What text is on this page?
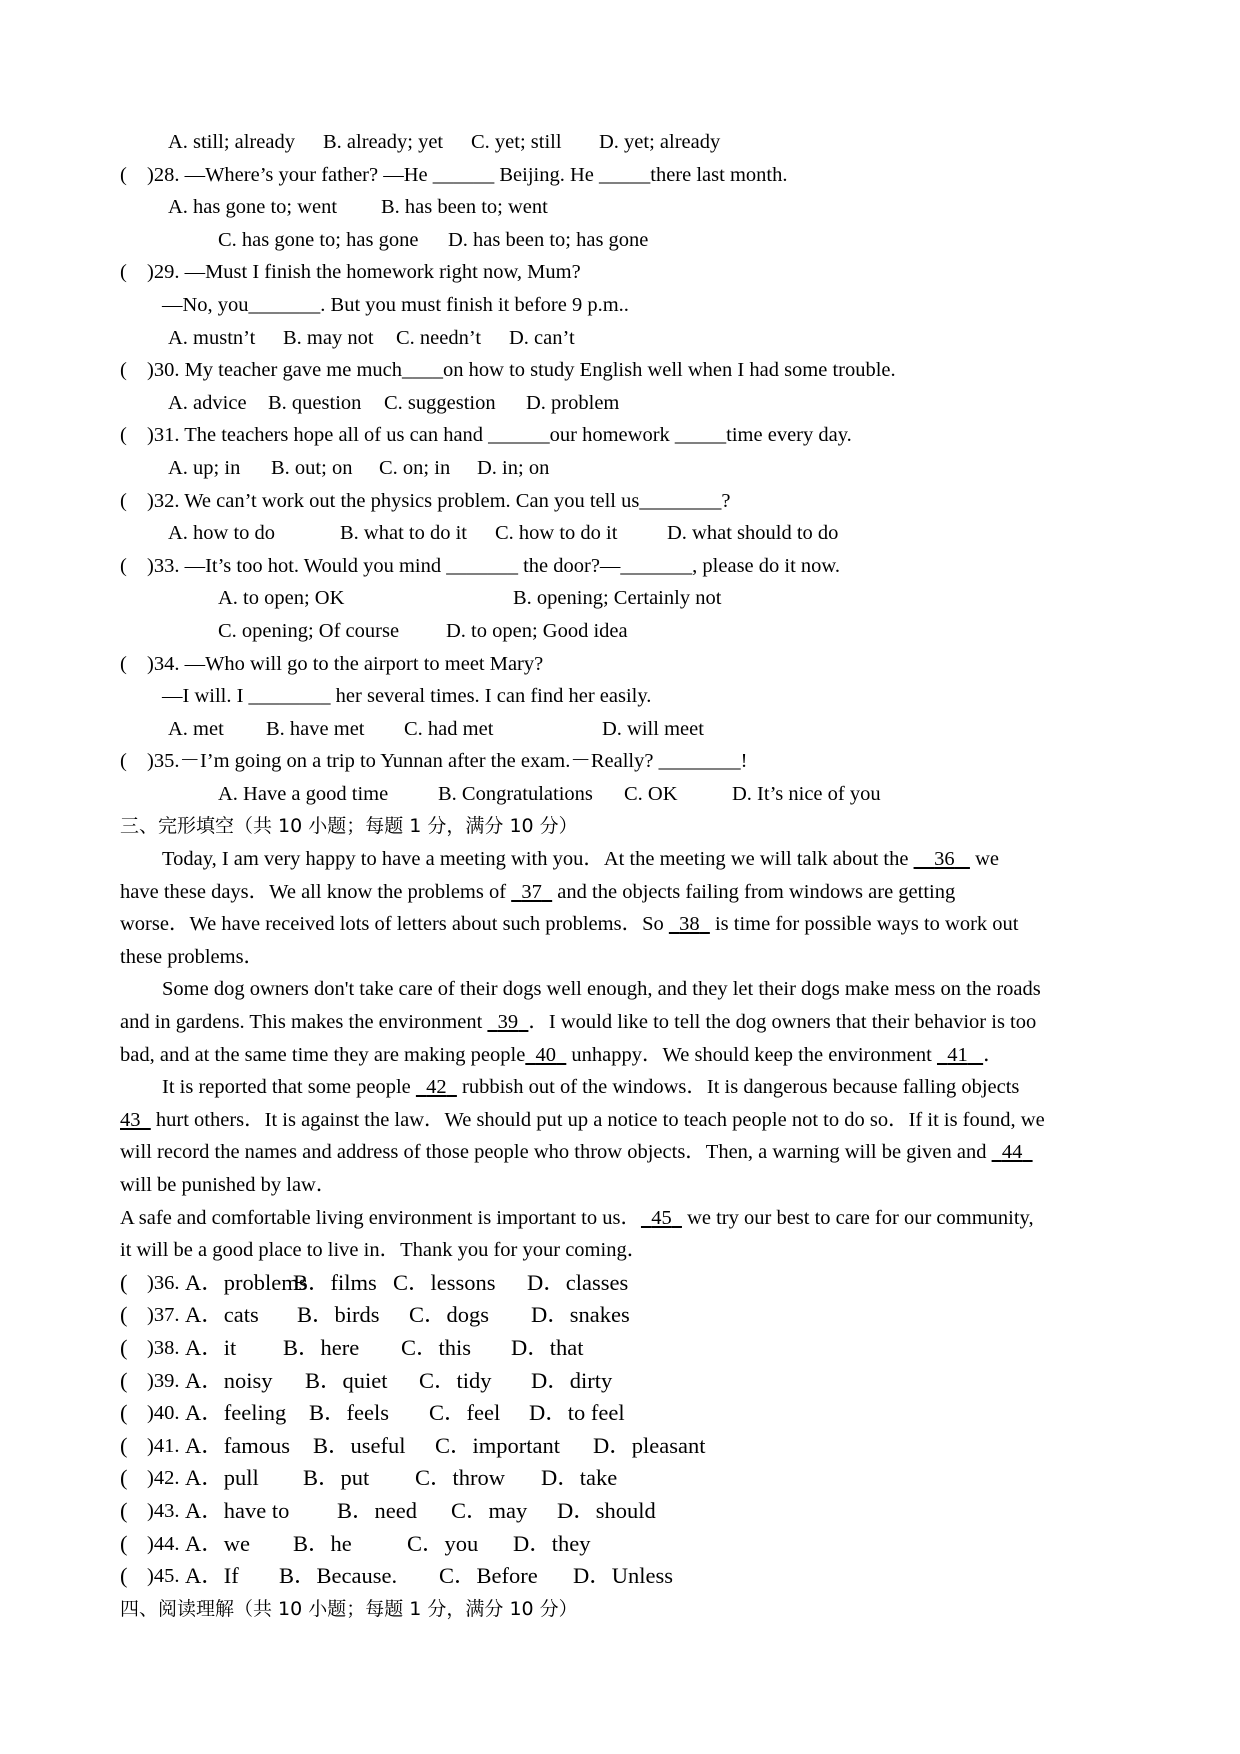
A. still; already B. already; yet C. yet; still D. yet; already
( )28. —Where’s your father? —He ______ Beijing. He _____there last month.
A. has gone to; went B. has been to; went
C. has gone to; has gone D. has been to; has gone
( )29. —Must I finish the homework right now, Mum?
—No, you_______. But you must finish it before 9 p.m..
A. mustn’t B. may not C. needn’t D. can’t
( )30. My teacher gave me much____on how to study English well when I had some trouble.
A. advice B. question C. suggestion D. problem
( )31. The teachers hope all of us can hand ______our homework _____time every day.
A. up; in B. out; on C. on; in D. in; on
( )32. We can’t work out the physics problem. Can you tell us________?
A. how to do	B. what to do it C. how to do it D. what should to do
( )33. —It’s too hot. Would you mind _______ the door?—_______, please do it now.
A. to open; OK	B. opening; Certainly not
C. opening; Of course D. to open; Good idea
( )34. —Who will go to the airport to meet Mary?
—I will. I ________ her several times. I can find her easily.
A. met B. have met C. had met	D. will meet
( )35.－I’m going on a trip to Yunnan after the exam.－Really? ________!
A. Have a good time B. Congratulations C. OK	D. It’s nice of you
三、完形填空（共 10 小题；每题 1 分，满分 10 分）
Today, I am very happy to have a meeting with you．At the meeting we will talk about the     36    we
have these days．We all know the problems of   37   and the objects failing from windows are getting
worse．We have received lots of letters about such problems．So   38   is time for possible ways to work out
these problems．
Some dog owners don't take care of their dogs well enough, and they let their dogs make mess on the roads
and in gardens. This makes the environment   39 ．I would like to tell the dog owners that their behavior is too
bad, and at the same time they are making people 40   unhappy．We should keep the environment   41 ．
It is reported that some people   42   rubbish out of the windows．It is dangerous because falling objects
43   hurt others．It is against the law．We should put up a notice to teach people not to do so．If it is found, we
will record the names and address of those people who throw objects．Then, a warning will be given and   44
will be punished by law．
A safe and comfortable living environment is important to us． 45   we try our best to care for our community,
it will be a good place to live in．Thank you for your coming．
( )36. A．problemsB．films C．lessons D．classes
( )37. A．cats B．birds C．dogs D．snakes
( )38. A．it B．here C．this D．that
( )39. A．noisy B．quiet C．tidy D．dirty
( )40. A．feeling B．feels C．feel D．to feel
( )41. A．famous B．useful C．important D．pleasant
( )42. A．pull B．put C．throw D．take
( )43. A．have to B．need C．may D．should
( )44. A．we B．he C．you D．they
( )45. A．If B．Because. C．Before D．Unless
四、阅读理解（共 10 小题；每题 1 分，满分 10 分）
